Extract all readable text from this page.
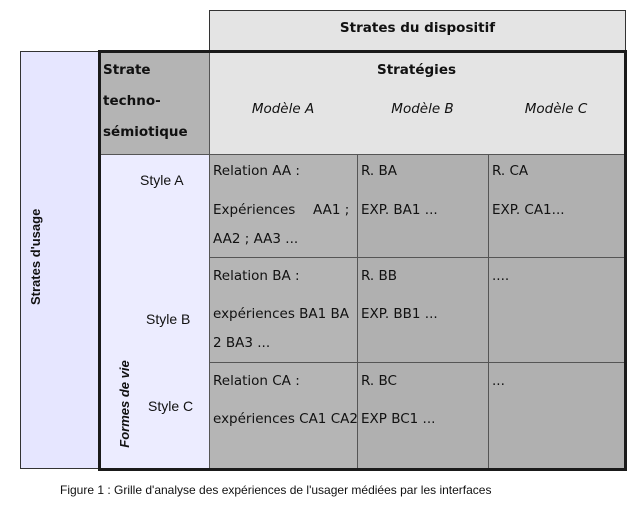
Strates du dispositif
Strates d'usage
Strate
techno-
sémiotique
Stratégies
Modèle A	Modèle B	Modèle C
Formes de vie
Style A
Style B
Style C
Relation AA :
Expériences AA1 ;
AA2 ; AA3 ...
R. BA
EXP. BA1 ...
R. CA
EXP. CA1...
Relation BA :
expériences BA1 BA
2 BA3 ...
R. BB
EXP. BB1 ...
....
Relation CA :
expériences CA1 CA2
R. BC
EXP BC1 ...
...
Figure 1 : Grille d'analyse des expériences de l'usager médiées par les interfaces
